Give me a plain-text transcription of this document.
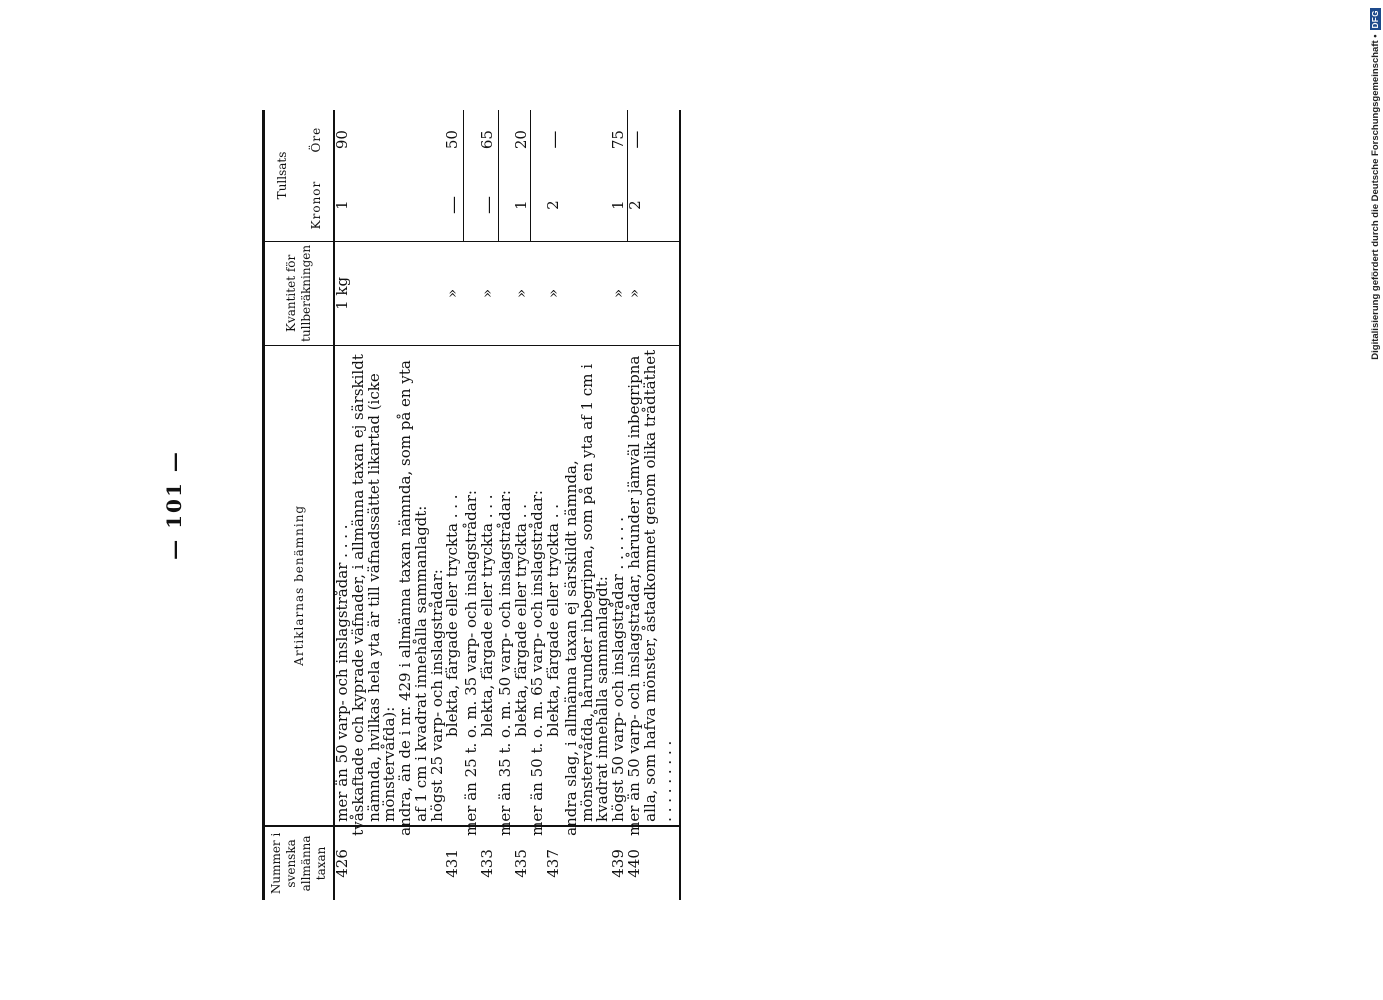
Digitalisierung gefördert durch die Deutsche Forschungsgemeinschaft •
DFG
— 101 —
Nummer i svenska allmänna taxan	Artiklarnas benämning	Kvantitet för tullberäkningen	Tullsats	
			Kronor	Öre
426	mer än 50 varp- och inslagstrådar . . . .	1 kg	1	90
	tvåskaftade och kyprade väfnader, i allmänna taxan ej särskildt nämnda, hvilkas hela yta är till väfnadssättet likartad (icke mönstervåfda):			
	andra, än de i nr. 429 i allmänna taxan nämnda, som på en yta af 1 cm i kvadrat innehålla sammanlagdt:			
	högst 25 varp- och inslagstrådar:			
431	blekta, färgade eller tryckta . . .	»	—	50
	mer än 25 t. o. m. 35 varp- och inslagstrådar:			
433	blekta, färgade eller tryckta . . .	»	—	65
	mer än 35 t. o. m. 50 varp- och inslagstrådar:			
435	blekta, färgade eller tryckta . .	»	1	20
	mer än 50 t. o. m. 65 varp- och inslagstrådar:			
437	blekta, färgade eller tryckta . .	»	2	—
	andra slag, i allmänna taxan ej särskildt nämnda, mönstervåfda, hårunder inbegripna, som på en yta af 1 cm i kvadrat innehålla sammanlagdt:			
439	högst 50 varp- och inslagstrådar . . . . . .	»	1	75
440	mer än 50 varp- och inslagstrådar, hårunder jämväl inbegripna alla, som hafva mönster, åstadkommet genom olika trådtäthet . . . . . . . . .	»	2	—
